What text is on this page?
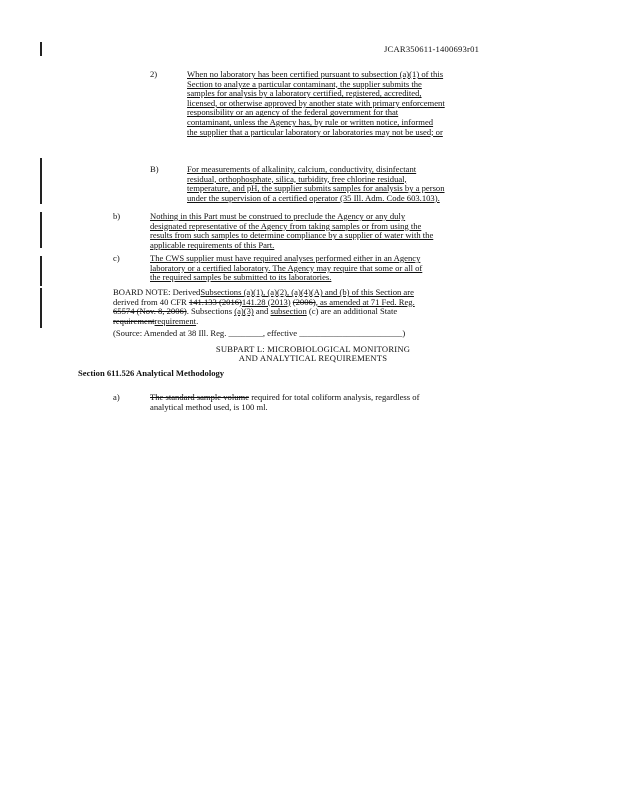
JCAR350611-1400693r01
2)	When no laboratory has been certified pursuant to subsection (a)(1) of this
Section to analyze a particular contaminant, the supplier submits the
samples for analysis by a laboratory certified, registered, accredited,
licensed, or otherwise approved by another state with primary enforcement
responsibility or an agency of the federal government for that
contaminant, unless the Agency has, by rule or written notice, informed
the supplier that a particular laboratory or laboratories may not be used; or
B)	For measurements of alkalinity, calcium, conductivity, disinfectant
residual, orthophosphate, silica, turbidity, free chlorine residual,
temperature, and pH, the supplier submits samples for analysis by a person
under the supervision of a certified operator (35 Ill. Adm. Code 603.103).
b)	Nothing in this Part must be construed to preclude the Agency or any duly
designated representative of the Agency from taking samples or from using the
results from such samples to determine compliance by a supplier of water with the
applicable requirements of this Part.
c)	The CWS supplier must have required analyses performed either in an Agency
laboratory or a certified laboratory. The Agency may require that some or all of
the required samples be submitted to its laboratories.
BOARD NOTE: DerivedSubsections (a)(1), (a)(2), (a)(4)(A) and (b) of this Section are
derived from 40 CFR 141.133 (2016)141.28 (2013) (2006), as amended at 71 Fed. Reg.
65574 (Nov. 8, 2006). Subsections (a)(3) and subsection (c) are an additional State
requirementrequirement.
(Source: Amended at 38 Ill. Reg. ________, effective ________________________)
SUBPART L: MICROBIOLOGICAL MONITORING
AND ANALYTICAL REQUIREMENTS
Section 611.526 Analytical Methodology
a)	The standard sample volume required for total coliform analysis, regardless of
analytical method used, is 100 ml.
